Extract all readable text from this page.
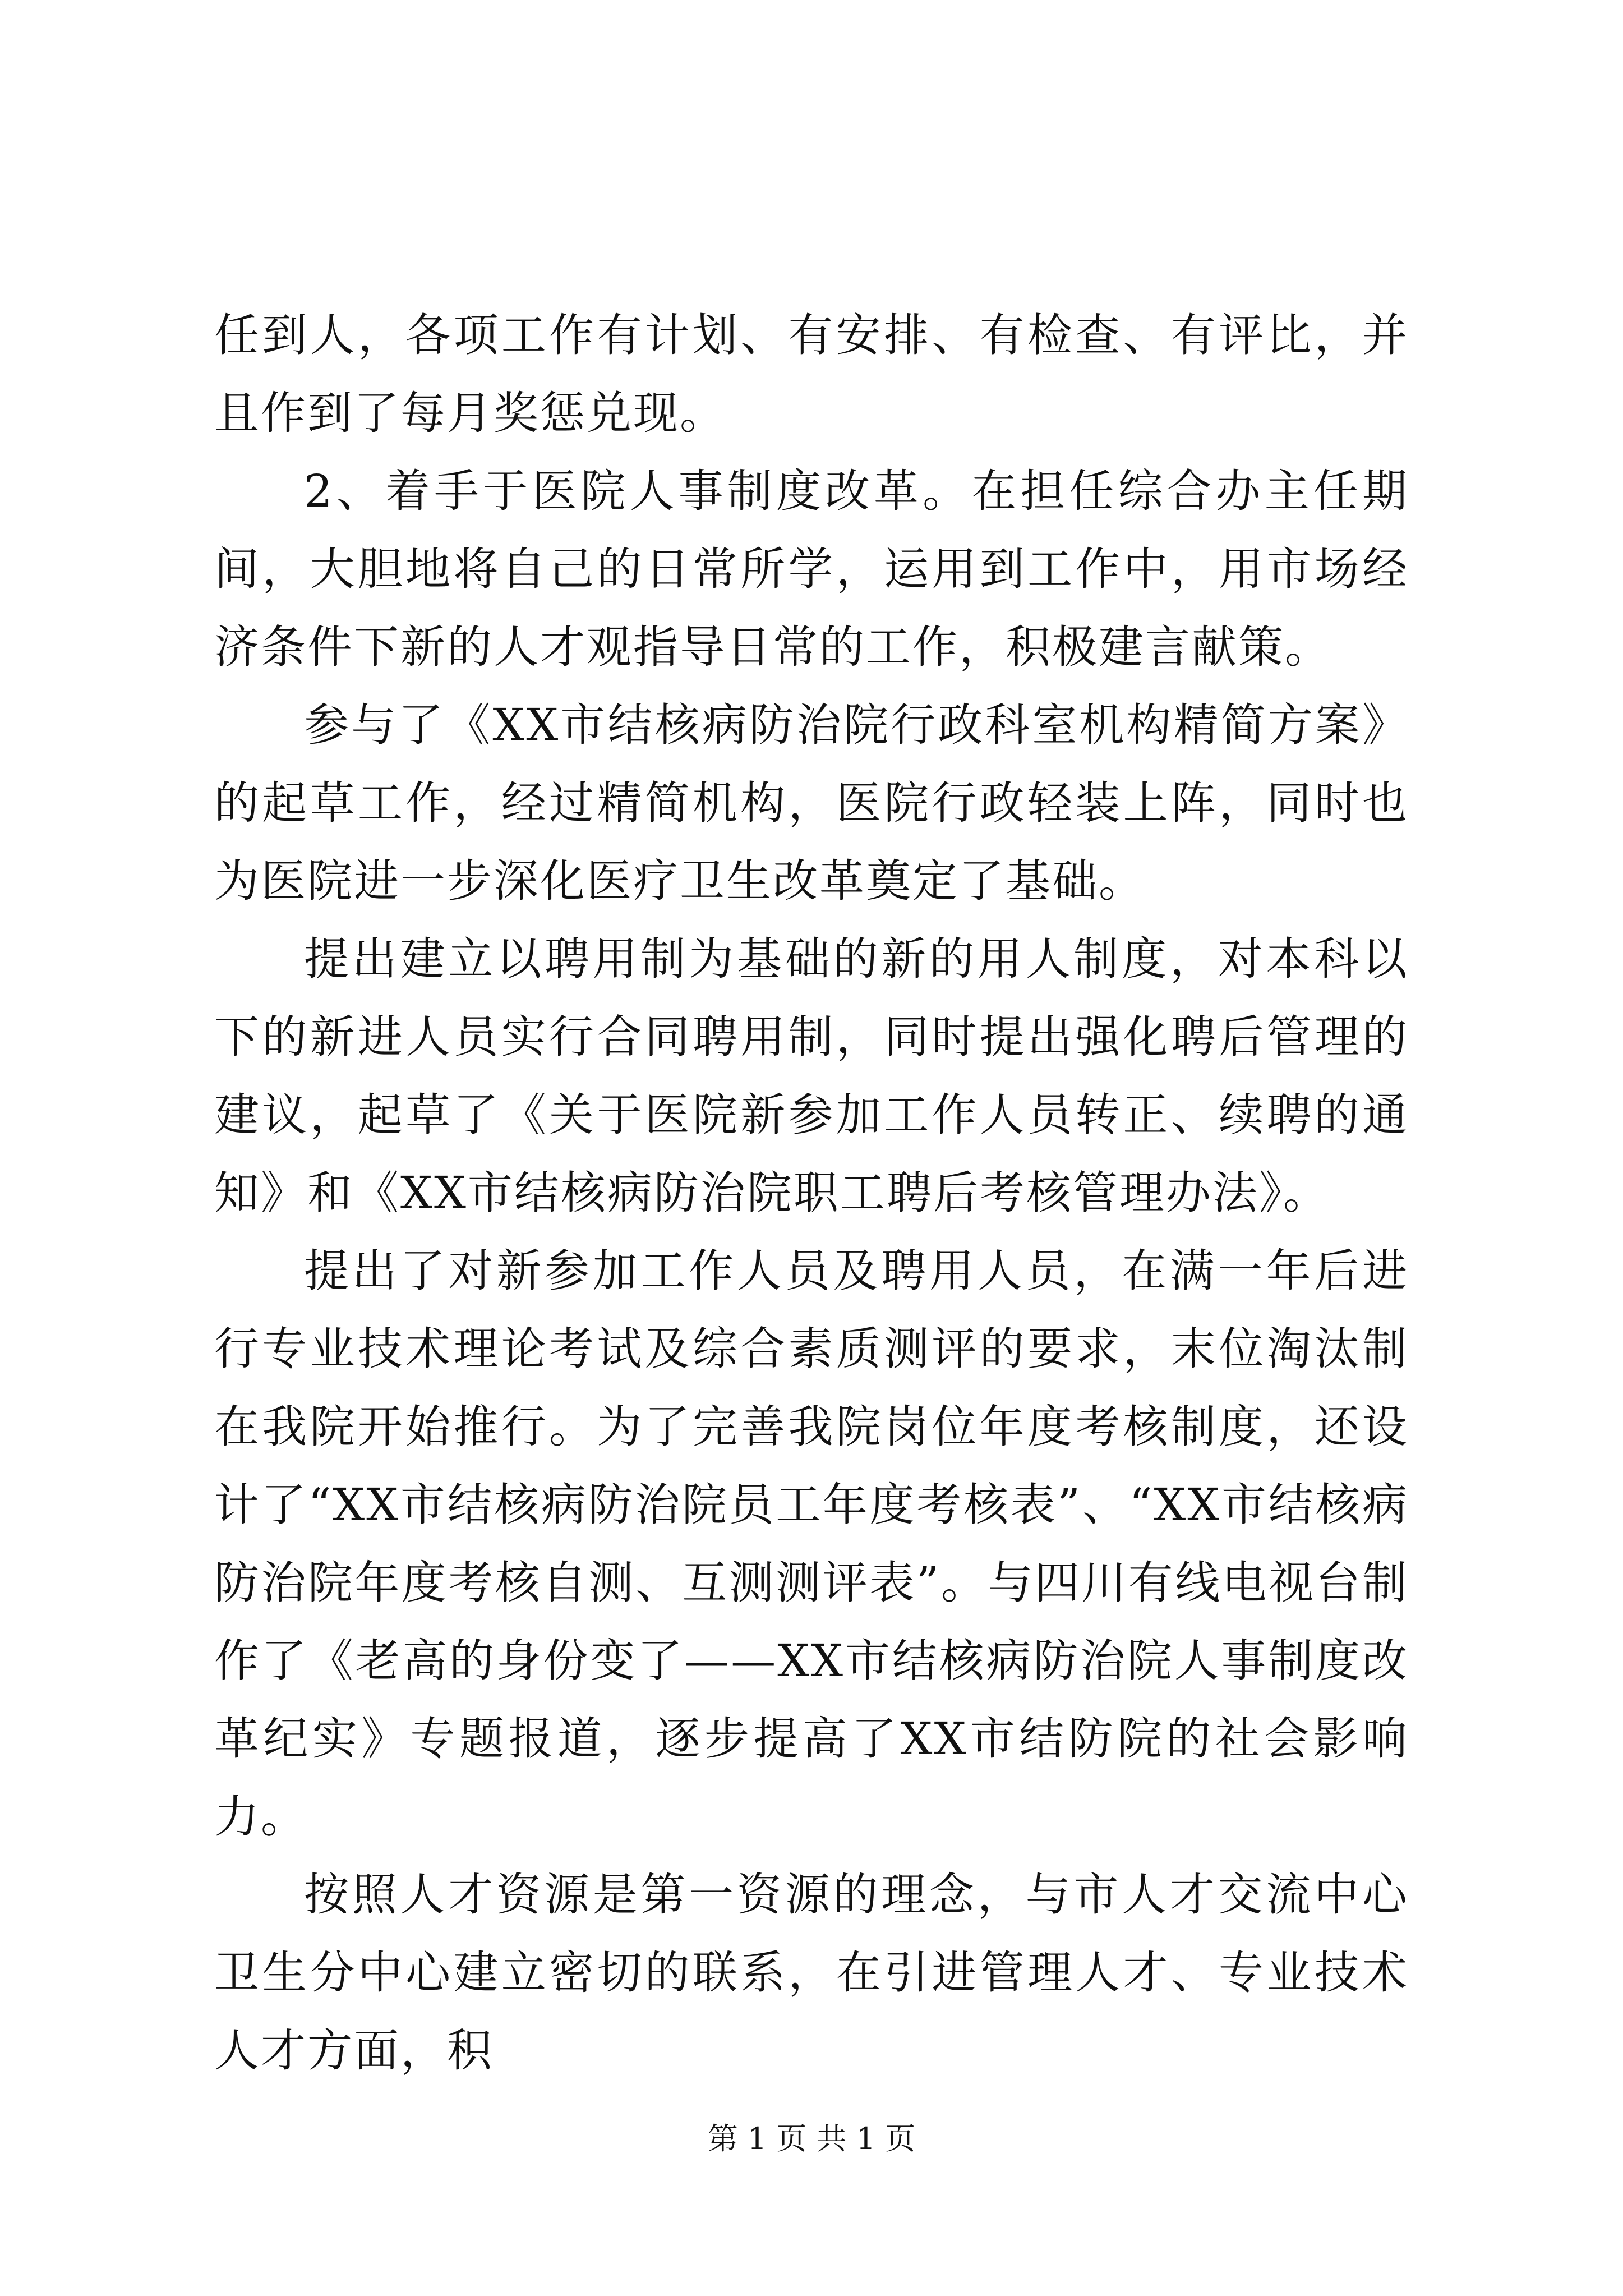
任到人，各项工作有计划、有安排、有检查、有评比，并且作到了每月奖惩兑现。

2、着手于医院人事制度改革。在担任综合办主任期间，大胆地将自己的日常所学，运用到工作中，用市场经济条件下新的人才观指导日常的工作，积极建言献策。

参与了《XX市结核病防治院行政科室机构精简方案》的起草工作，经过精简机构，医院行政轻装上阵，同时也为医院进一步深化医疗卫生改革奠定了基础。

提出建立以聘用制为基础的新的用人制度，对本科以下的新进人员实行合同聘用制，同时提出强化聘后管理的建议，起草了《关于医院新参加工作人员转正、续聘的通知》和《XX市结核病防治院职工聘后考核管理办法》。

提出了对新参加工作人员及聘用人员，在满一年后进行专业技术理论考试及综合素质测评的要求，末位淘汰制在我院开始推行。为了完善我院岗位年度考核制度，还设计了“XX市结核病防治院员工年度考核表”、“XX市结核病防治院年度考核自测、互测测评表”。与四川有线电视台制作了《老高的身份变了——XX市结核病防治院人事制度改革纪实》专题报道，逐步提高了XX市结防院的社会影响力。

按照人才资源是第一资源的理念，与市人才交流中心卫生分中心建立密切的联系，在引进管理人才、专业技术人才方面，积

第 1 页 共 1 页
